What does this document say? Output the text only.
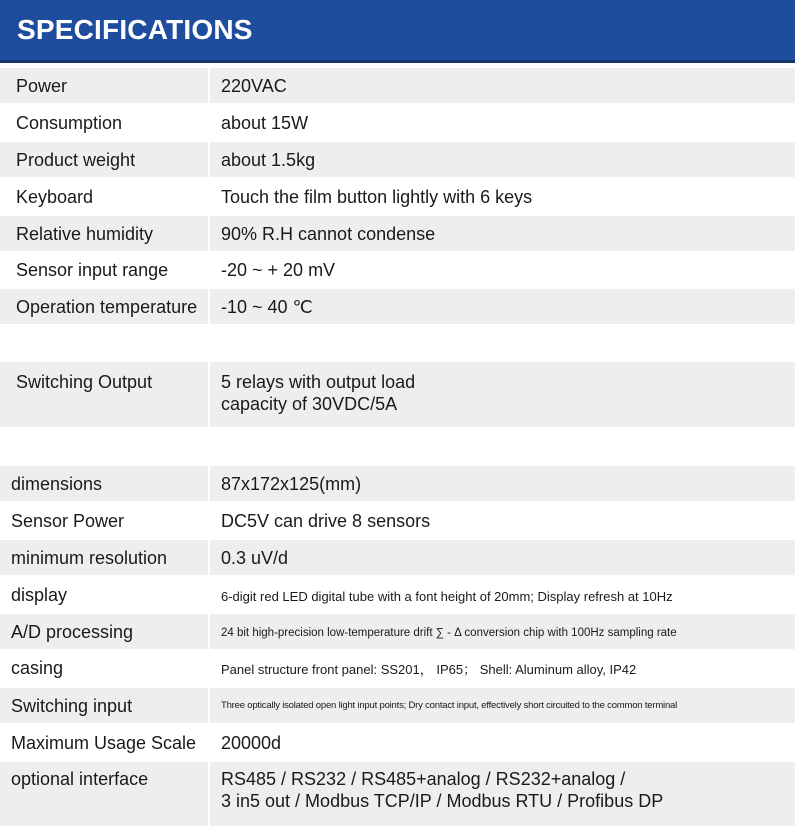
SPECIFICATIONS
Power	220VAC
Consumption	about 15W
Product weight	about 1.5kg
Keyboard	Touch the film button lightly with 6 keys
Relative humidity	90% R.H cannot condense
Sensor input range	-20 ~ + 20 mV
Operation temperature -10 ~ 40 ℃
Switching Output	5 relays with output load
capacity of 30VDC/5A
dimensions	87x172x125(mm)
Sensor Power	DC5V can drive 8 sensors
minimum resolution	0.3 uV/d
display	6-digit red LED digital tube with a font height of 20mm; Display refresh at 10Hz
A/D processing	24 bit high-precision low-temperature drift ∑ - Δ conversion chip with 100Hz sampling rate
casing	Panel structure front panel: SS201， IP65； Shell: Aluminum alloy, IP42
Switching input	Three optically isolated open light input points; Dry contact input, effectively short circuited to the common terminal
Maximum Usage Scale 20000d
optional interface	RS485 / RS232 / RS485+analog / RS232+analog /
3 in5 out / Modbus TCP/IP / Modbus RTU / Profibus DP
